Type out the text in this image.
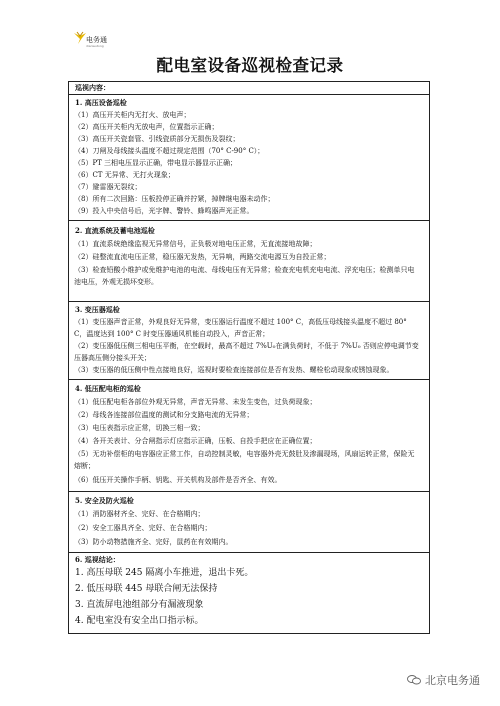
电务通
dianwutong
配电室设备巡视检查记录
巡视内容：
1. 高压设备巡检
（1）高压开关柜内无打火、放电声；
（2）高压开关柜内无放电声，位置指示正确；
（3）高压开关瓷套管、引线瓷质部分无损伤及裂纹；
（4）刀闸及母线接头温度不超过规定范围（70° C-90° C）；
（5）PT 三相电压显示正确，带电显示器显示正确；
（6）CT 无异常、无打火现象；
（7）避雷器无裂纹；
（8）所有二次回路：压板投停正确并拧紧，掉牌继电器未动作；
（9）投入中央信号后，光字牌、警铃、蜂鸣器声光正常。
2. 直流系统及蓄电池巡检
（1）直流系统绝缘监视无异常信号，正负极对地电压正常，无直流接地故障；
（2）硅整流直流电压正常，稳压器无发热，无异响，两路交流电源互为自投正常；
（3）检查铅酸小维护或免维护电池的电流、母线电压有无异常；检查充电机充电电流、浮充电压；检测单只电池电压，外观无损坏变形。
3. 变压器巡检
（1）变压器声音正常，外观良好无异常，变压器运行温度不超过 100° C，高低压母线接头温度不超过 80° C，温度达到 100° C 时变压器通风机能自动投入，声音正常；
（2）变压器低压侧三相电压平衡，在空载时，最高不超过 7%U₀在满负荷时，不低于 7%U₀ 否则应停电调节变压器高压侧分接头开关；
（3）变压器的低压侧中性点接地良好，巡视时要检查连接部位是否有发热、螺栓松动现象或锈蚀现象。
4. 低压配电柜的巡检
（1）低压配电柜各部位外观无异常，声音无异常、未发生变色，过负荷现象；
（2）母线各连接部位温度的测试和分支路电流的无异常；
（3）电压表指示应正常，切换三相一致；
（4）各开关表计、分合闸指示灯应指示正确，压板、自投手把应在正确位置；
（5）无功补偿柜的电容器应正常工作，自动控制灵敏，电容器外壳无鼓肚及渗漏现场，风扇运转正常，保险无熔断；
（6）低压开关操作手柄、钥匙、开关机构及部件是否齐全、有效。
5. 安全及防火巡检
（1）消防器材齐全、完好、在合格期内；
（2）安全工器具齐全、完好、在合格期内；
（3）防小动物措施齐全、完好，鼠药在有效期内。
6. 巡视结论：
1. 高压母联 245 隔离小车推进，退出卡死。
2. 低压母联 445 母联合闸无法保持
3. 直流屏电池组部分有漏液现象
4. 配电室没有安全出口指示标。
北京电务通
